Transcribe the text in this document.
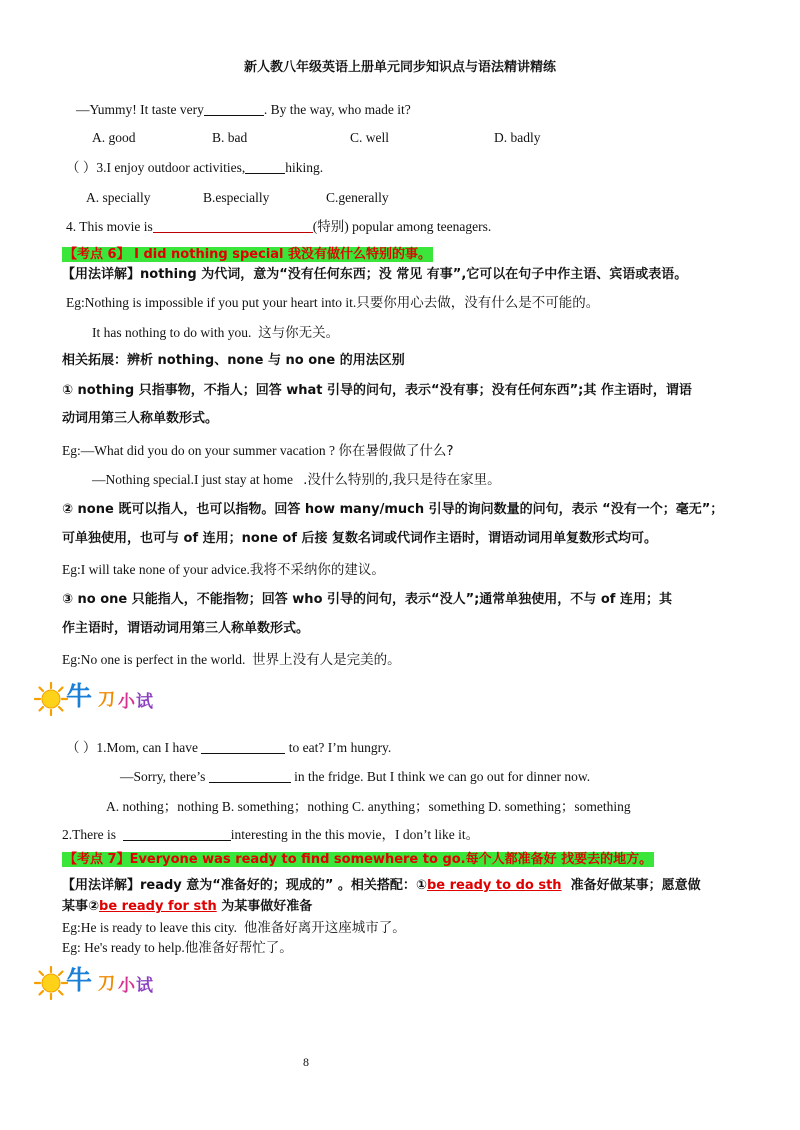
新人教八年级英语上册单元同步知识点与语法精讲精练
—Yummy! It taste very	. By the way, who made it?
A. good	B. bad	C. well	D. badly
（ ）3.I enjoy outdoor activities,	hiking.
A. specially	B.especially	C.generally
4. This movie is	(特别) popular among teenagers.
【考点 6】 I did nothing special 我没有做什么特别的事。
【用法详解】nothing 为代词，意为“没有任何东西；没 常见 有事”,它可以在句子中作主语、宾语或表语。
Eg:Nothing is impossible if you put your heart into it.只要你用心去做，没有什么是不可能的。
It has nothing to do with you. 这与你无关。
相关拓展：辨析 nothing、none 与 no one 的用法区别
① nothing 只指事物，不指人；回答 what 引导的问句，表示“没有事；没有任何东西”;其 作主语时，谓语
动词用第三人称单数形式。
Eg:—What did you do on your summer vacation ? 你在暑假做了什么?
—Nothing special.I just stay at home .没什么特别的,我只是待在家里。
② none 既可以指人，也可以指物。回答 how many/much 引导的询问数量的问句，表示 “没有一个；毫无”；
可单独使用，也可与 of 连用；none of 后接 复数名词或代词作主语时，谓语动词用单复数形式均可。
Eg:I will take none of your advice.我将不采纳你的建议。
③ no one 只能指人，不能指物；回答 who 引导的问句，表示“没人”;通常单独使用，不与 of 连用；其
作主语时，谓语动词用第三人称单数形式。
Eg:No one is perfect in the world. 世界上没有人是完美的。
牛 刀 小 试
（ ）1.Mom, can I have	to eat? I’m hungry.
—Sorry, there’s	in the fridge. But I think we can go out for dinner now.
A. nothing；nothing B. something；nothing C. anything；something D. something；something
2.There is	interesting in the this movie，I don’t like it。
【考点 7】Everyone was ready to find somewhere to go.每个人都准备好 找要去的地方。
【用法详解】ready 意为“准备好的；现成的” 。相关搭配：①be ready to do sth 准备好做某事；愿意做
某事②be ready for sth 为某事做好准备
Eg:He is ready to leave this city. 他准备好离开这座城市了。
Eg: He's ready to help.他准备好帮忙了。
牛 刀 小 试
8
